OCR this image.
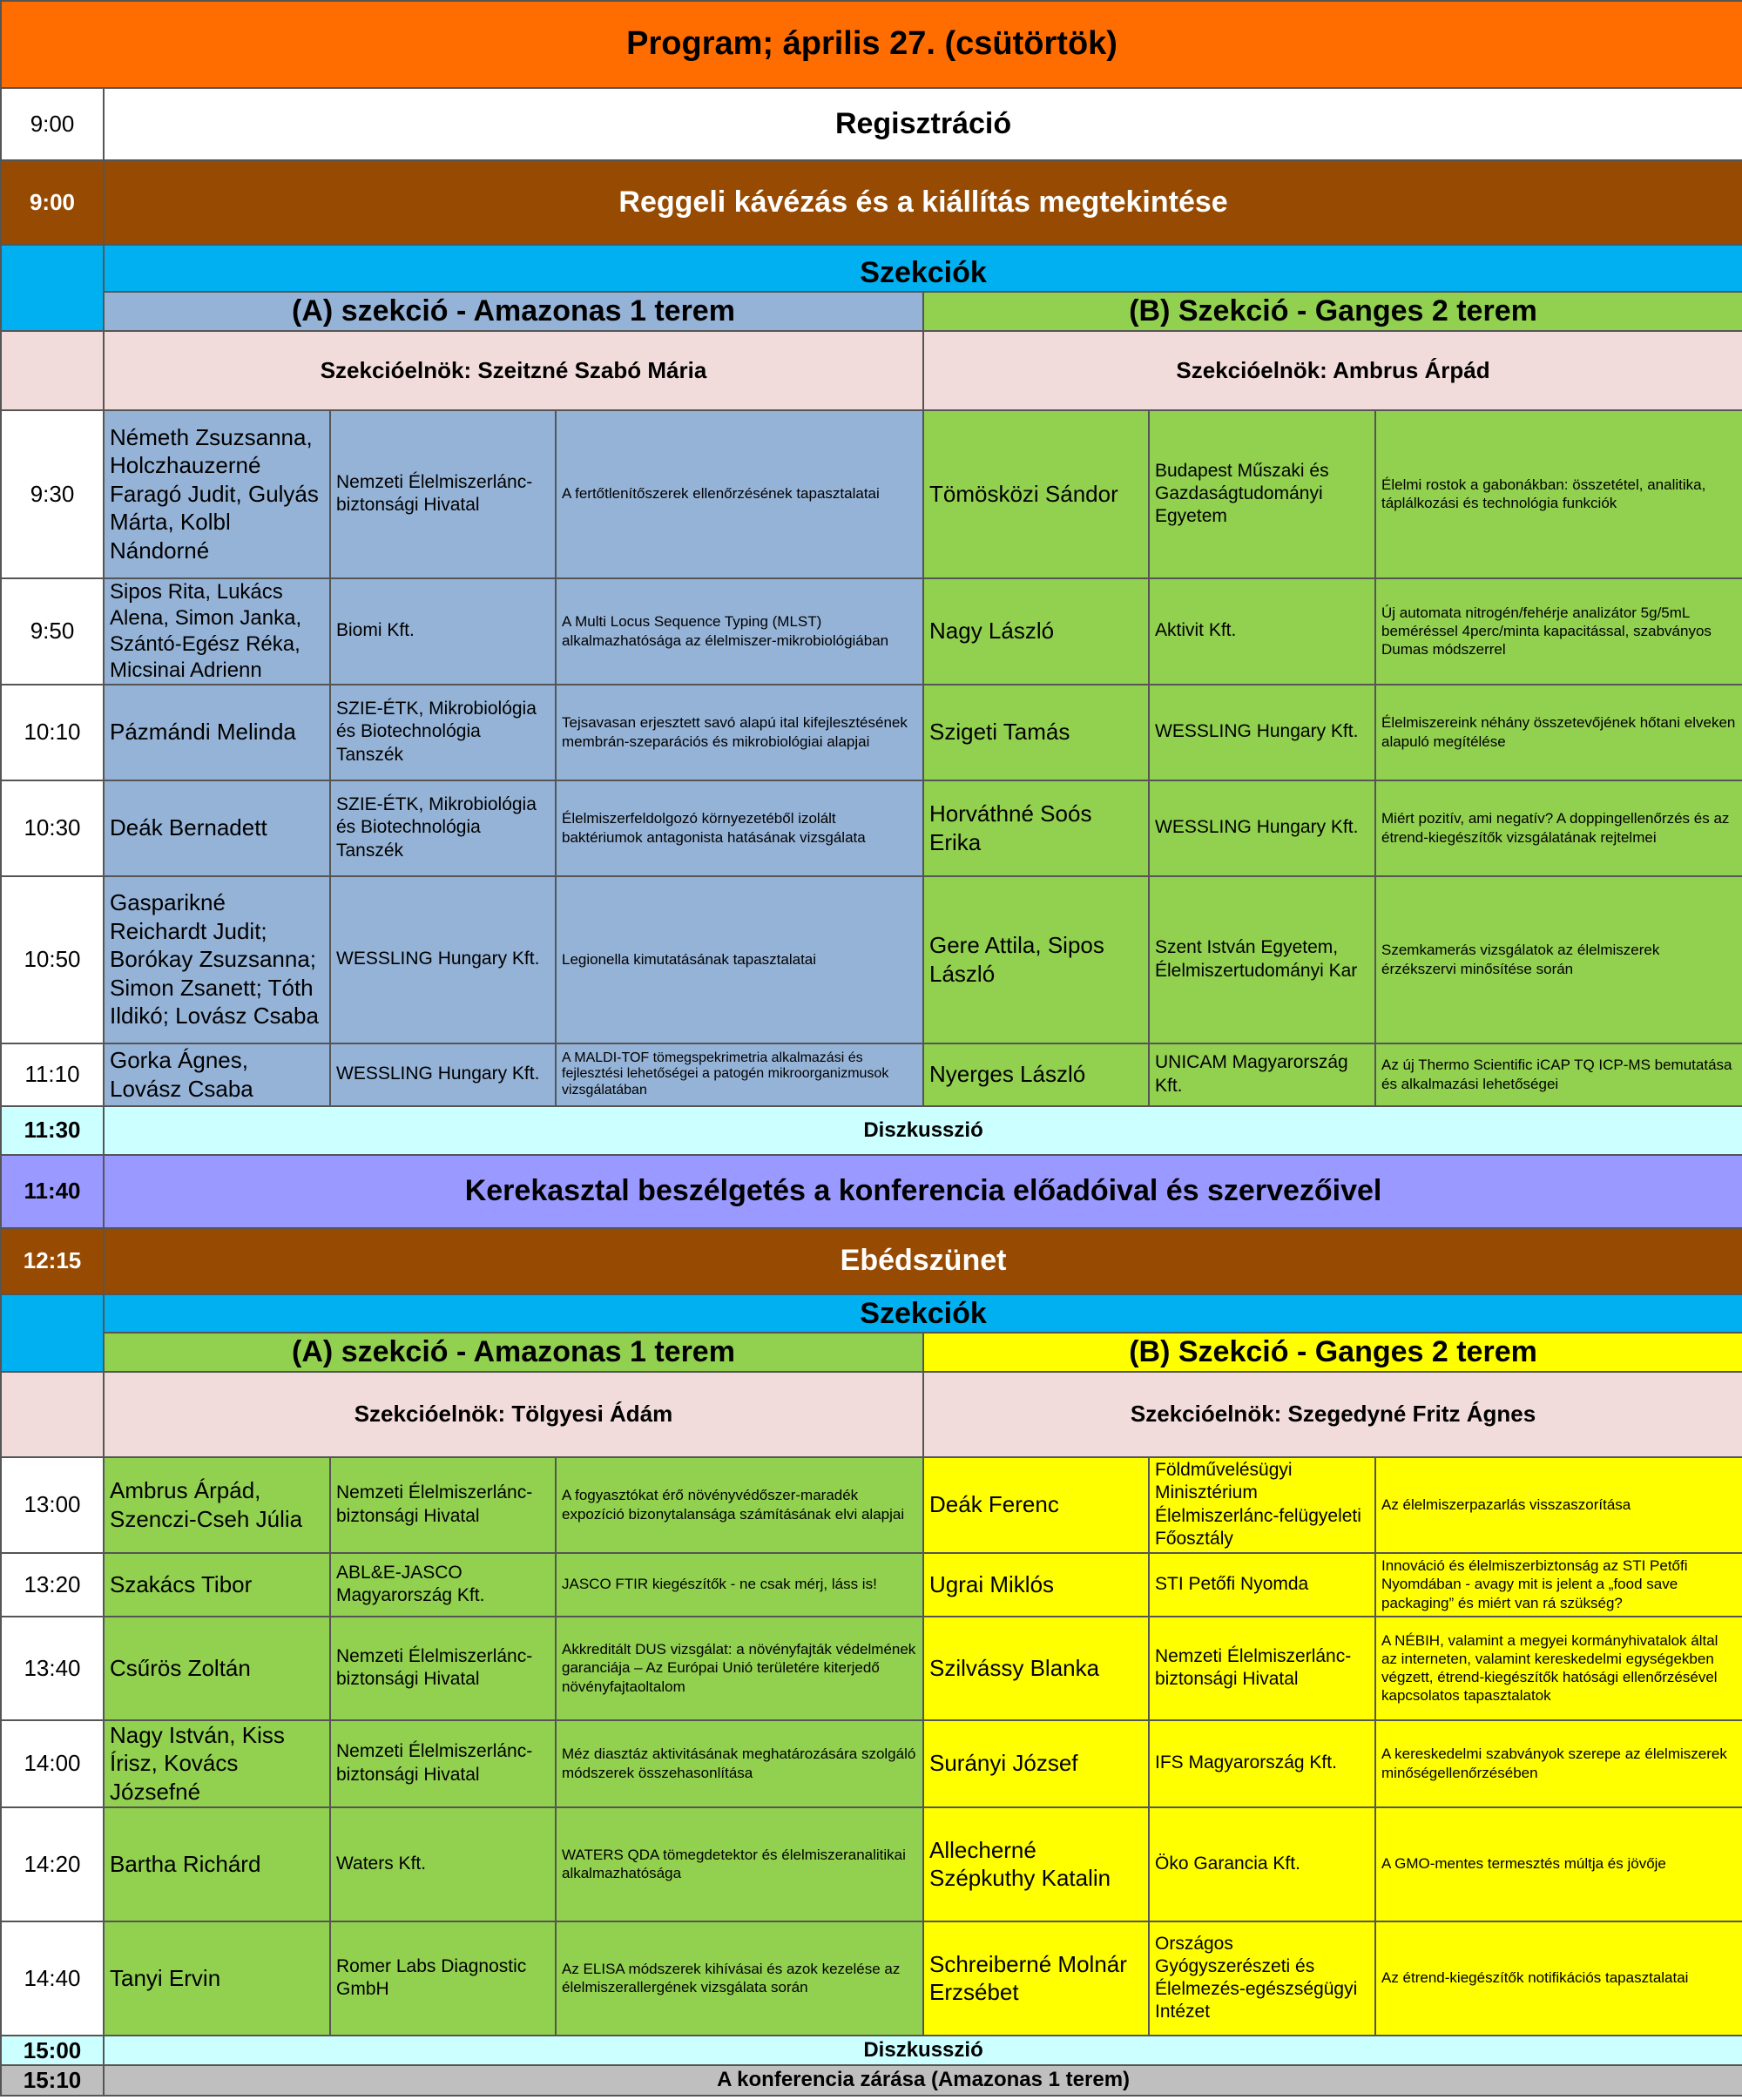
Program; április 27. (csütörtök)						
9:00	Regisztráció					
9:00	Reggeli kávézás és a kiállítás megtekintése					
	Szekciók					
	(A) szekció - Amazonas 1 terem			(B) Szekció - Ganges 2 terem		
	Szekcióelnök: Szeitzné Szabó Mária			Szekcióelnök: Ambrus Árpád		
9:30	Németh Zsuzsanna, Holczhauzerné Faragó Judit, Gulyás Márta, Kolbl Nándorné	Nemzeti Élelmiszerlánc-biztonsági Hivatal	A fertőtlenítőszerek ellenőrzésének tapasztalatai	Tömösközi Sándor	Budapest Műszaki és Gazdaságtudományi Egyetem	Élelmi rostok a gabonákban: összetétel, analitika, táplálkozási és technológia funkciók
9:50	Sipos Rita, Lukács Alena, Simon Janka, Szántó-Egész Réka, Micsinai Adrienn	Biomi Kft.	A Multi Locus Sequence Typing (MLST) alkalmazhatósága az élelmiszer-mikrobiológiában	Nagy László	Aktivit Kft.	Új automata nitrogén/fehérje analizátor 5g/5mL beméréssel 4perc/minta kapacitással, szabványos Dumas módszerrel
10:10	Pázmándi Melinda	SZIE-ÉTK, Mikrobiológia és Biotechnológia Tanszék	Tejsavasan erjesztett savó alapú ital kifejlesztésének membrán-szeparációs és mikrobiológiai alapjai	Szigeti Tamás	WESSLING Hungary Kft.	Élelmiszereink néhány összetevőjének hőtani elveken alapuló megítélése
10:30	Deák Bernadett	SZIE-ÉTK, Mikrobiológia és Biotechnológia Tanszék	Élelmiszerfeldolgozó környezetéből izolált baktériumok antagonista hatásának vizsgálata	Horváthné Soós Erika	WESSLING Hungary Kft.	Miért pozitív, ami negatív? A doppingellenőrzés és az étrend-kiegészítők vizsgálatának rejtelmei
10:50	Gasparikné Reichardt Judit; Borókay Zsuzsanna; Simon Zsanett; Tóth Ildikó; Lovász Csaba	WESSLING Hungary Kft.	Legionella kimutatásának tapasztalatai	Gere Attila, Sipos László	Szent István Egyetem, Élelmiszertudományi Kar	Szemkamerás vizsgálatok az élelmiszerek érzékszervi minősítése során
11:10	Gorka Ágnes, Lovász Csaba	WESSLING Hungary Kft.	A MALDI-TOF tömegspekrimetria alkalmazási és fejlesztési lehetőségei a patogén mikroorganizmusok vizsgálatában	Nyerges László	UNICAM Magyarország Kft.	Az új Thermo Scientific iCAP TQ ICP-MS bemutatása és alkalmazási lehetőségei
11:30	Diszkusszió					
11:40	Kerekasztal beszélgetés a konferencia előadóival és szervezőivel					
12:15	Ebédszünet					
	Szekciók					
	(A) szekció - Amazonas 1 terem			(B) Szekció - Ganges 2 terem		
	Szekcióelnök: Tölgyesi Ádám			Szekcióelnök: Szegedyné Fritz Ágnes		
13:00	Ambrus Árpád, Szenczi-Cseh Júlia	Nemzeti Élelmiszerlánc-biztonsági Hivatal	A fogyasztókat érő növényvédőszer-maradék expozíció bizonytalansága számításának elvi alapjai	Deák Ferenc	Földművelésügyi Minisztérium Élelmiszerlánc-felügyeleti Főosztály	Az élelmiszerpazarlás visszaszorítása
13:20	Szakács Tibor	ABL&E-JASCO Magyarország Kft.	JASCO FTIR kiegészítők - ne csak mérj, láss is!	Ugrai Miklós	STI Petőfi Nyomda	Innováció és élelmiszerbiztonság az STI Petőfi Nyomdában - avagy mit is jelent a „food save packaging” és miért van rá szükség?
13:40	Csűrös Zoltán	Nemzeti Élelmiszerlánc-biztonsági Hivatal	Akkreditált DUS vizsgálat: a növényfajták védelmének garanciája – Az Európai Unió területére kiterjedő növényfajtaoltalom	Szilvássy Blanka	Nemzeti Élelmiszerlánc-biztonsági Hivatal	A NÉBIH, valamint a megyei kormányhivatalok által az interneten, valamint kereskedelmi egységekben végzett, étrend-kiegészítők hatósági ellenőrzésével kapcsolatos tapasztalatok
14:00	Nagy István, Kiss Írisz, Kovács Józsefné	Nemzeti Élelmiszerlánc-biztonsági Hivatal	Méz diasztáz aktivitásának meghatározására szolgáló módszerek összehasonlítása	Surányi József	IFS Magyarország Kft.	A kereskedelmi szabványok szerepe az élelmiszerek minőségellenőrzésében
14:20	Bartha Richárd	Waters Kft.	WATERS QDA tömegdetektor és élelmiszeranalitikai alkalmazhatósága	Allecherné Szépkuthy Katalin	Öko Garancia Kft.	A GMO-mentes termesztés múltja és jövője
14:40	Tanyi Ervin	Romer Labs Diagnostic GmbH	Az ELISA módszerek kihívásai és azok kezelése az élelmiszerallergének vizsgálata során	Schreiberné Molnár Erzsébet	Országos Gyógyszerészeti és Élelmezés-egészségügyi Intézet	Az étrend-kiegészítők notifikációs tapasztalatai
15:00	Diszkusszió					
15:10	A konferencia zárása (Amazonas 1 terem)					
